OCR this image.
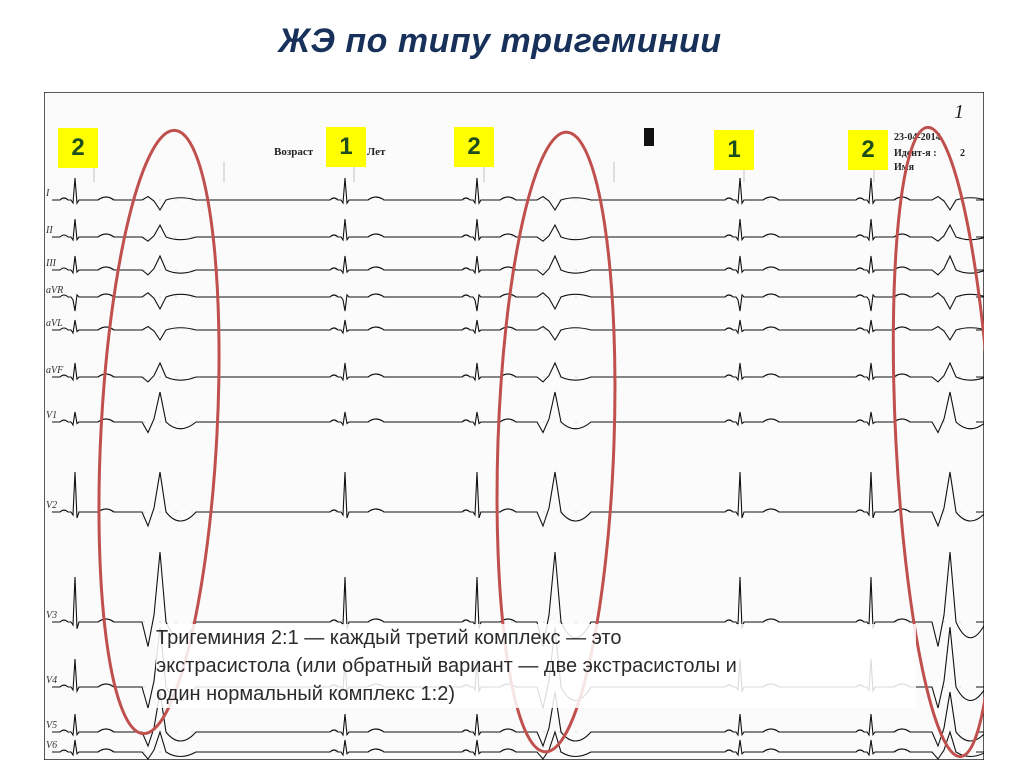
ЖЭ по типу тригеминии
Возраст	Лет
23-04-2014
Идент-я : 2
Имя
1
I
II
III
aVR
aVL
aVF
V1
V2
V3
V4
V5
V6
2	1	2	1	2
Тригеминия 2:1 — каждый третий комплекс — это
экстрасистола (или обратный вариант — две экстрасистолы и
один нормальный комплекс 1:2)
